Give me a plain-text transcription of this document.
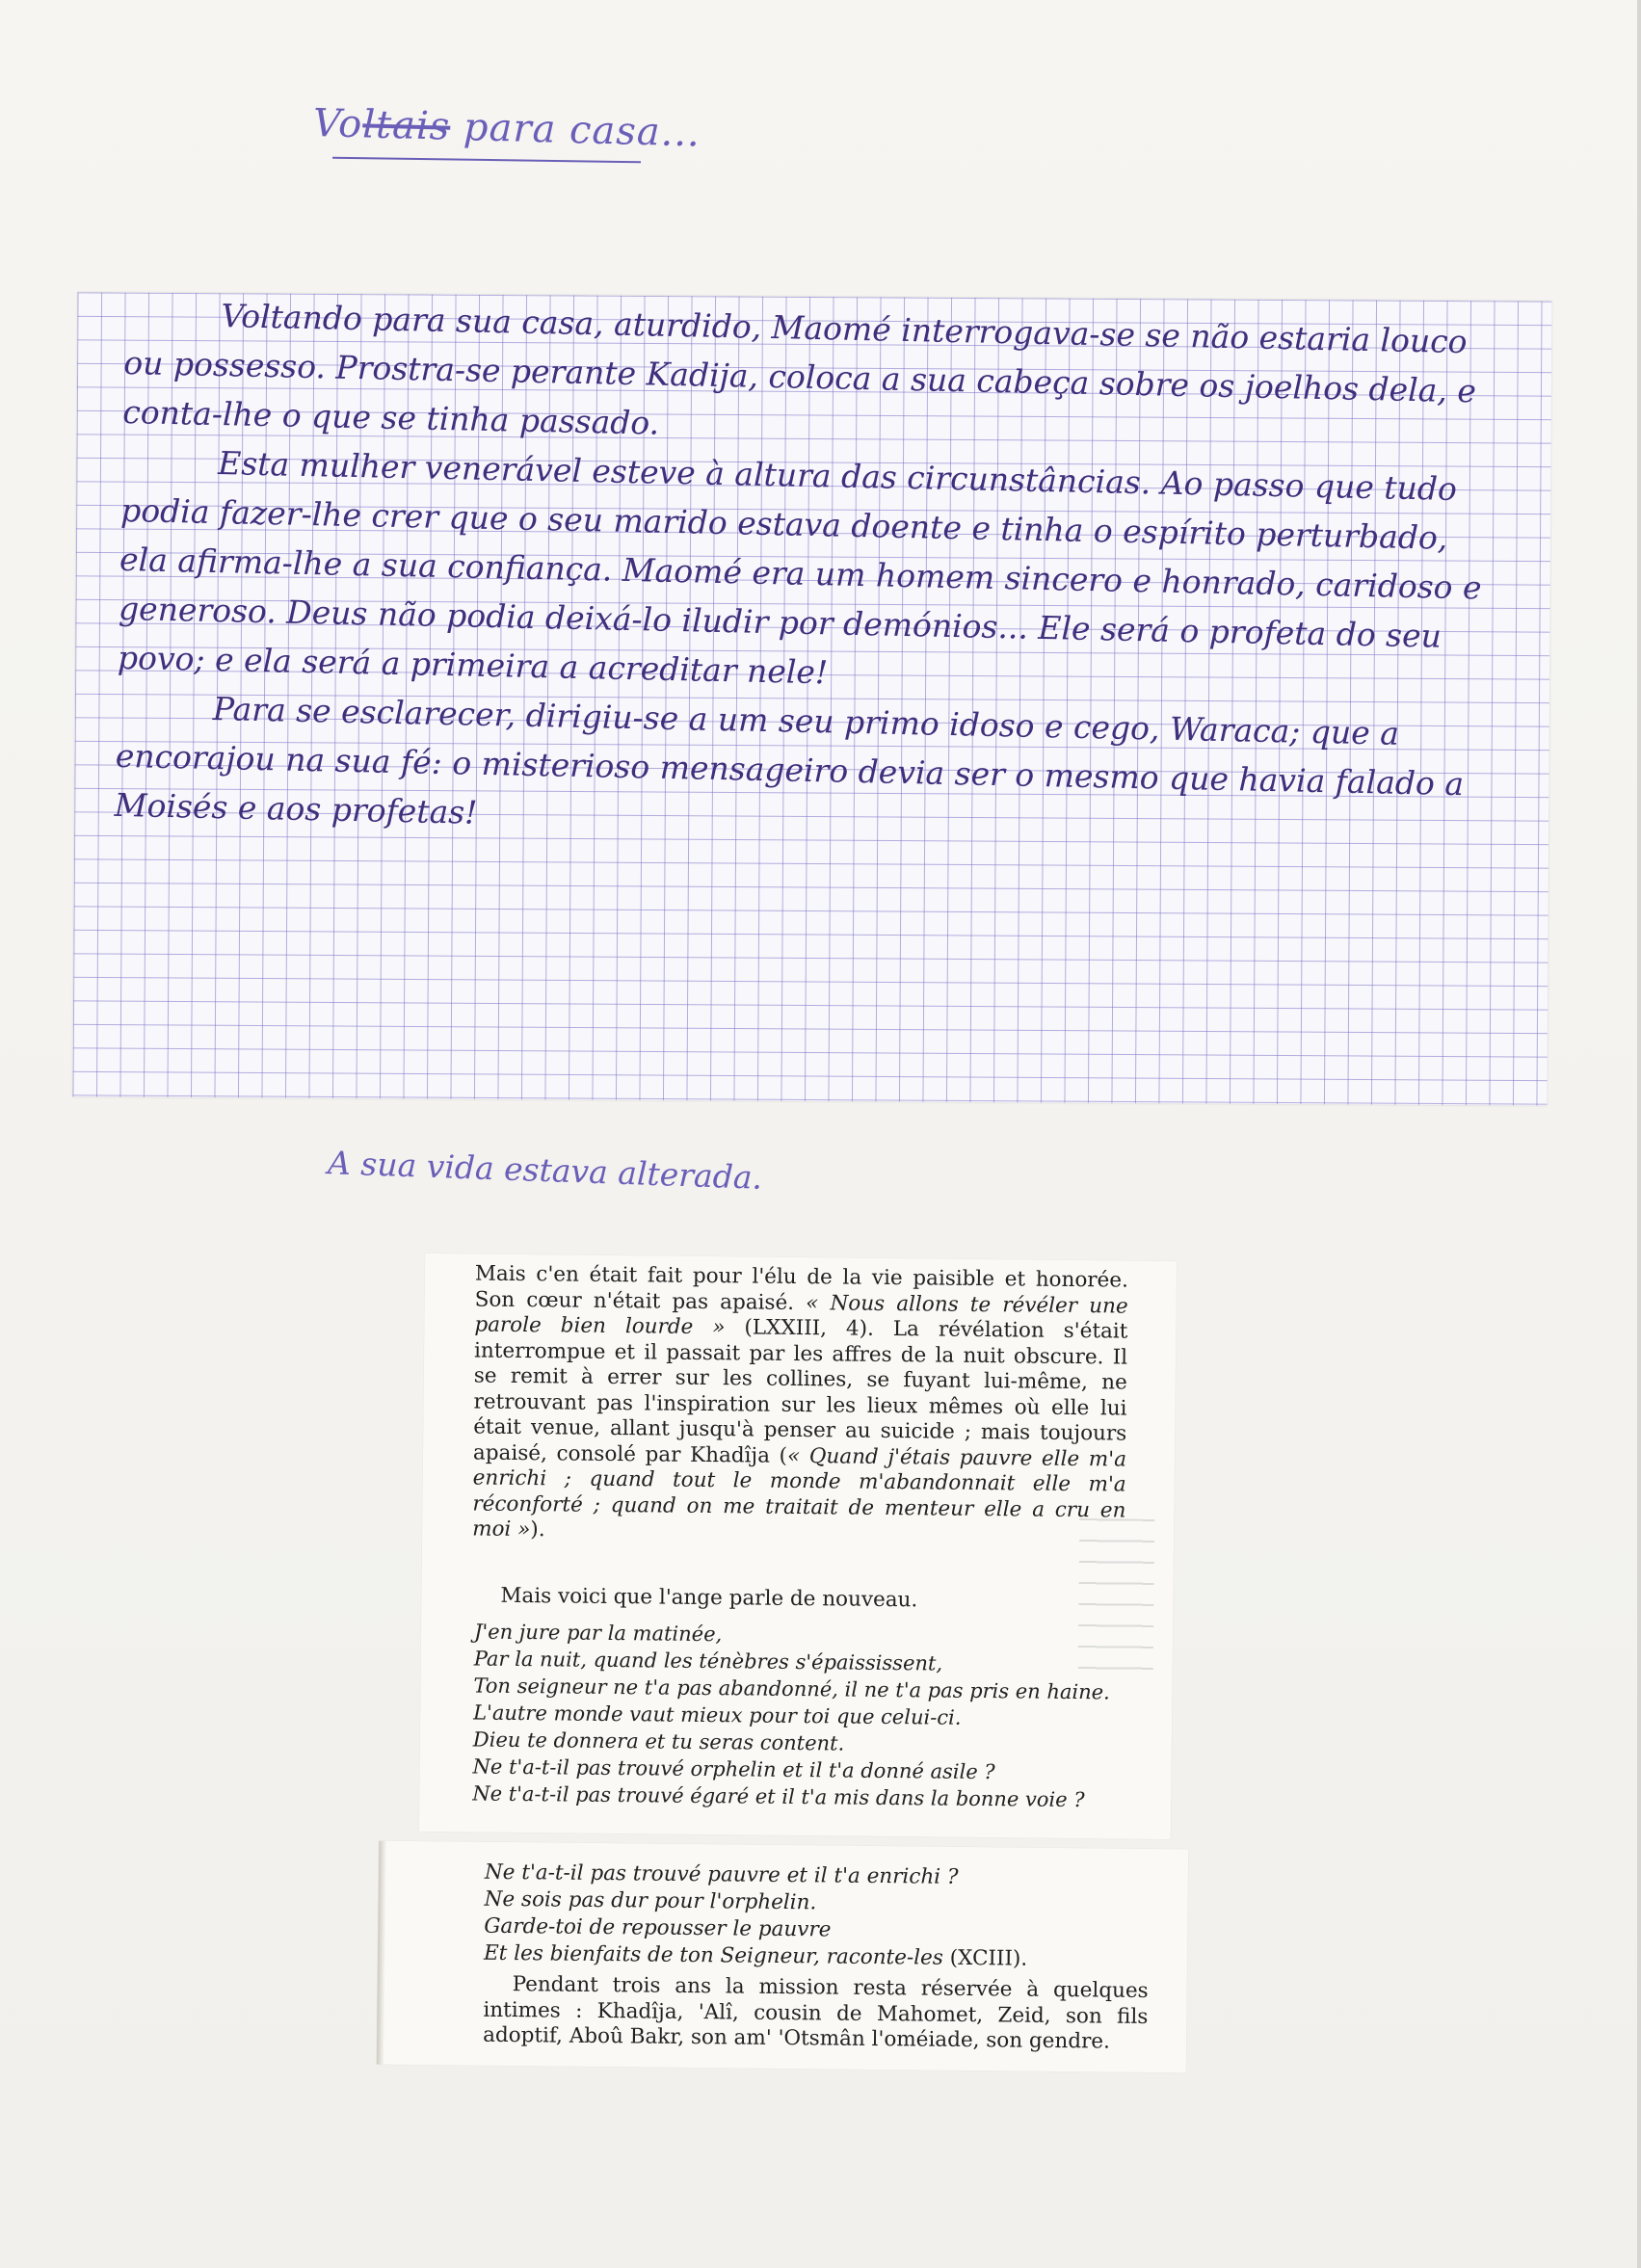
Voltais para casa...

Voltando para sua casa, aturdido, Maomé interrogava-se se não estaria louco ou possesso. Prostra-se perante Kadija, coloca a sua cabeça sobre os joelhos dela, e conta-lhe o que se tinha passado.

Esta mulher venerável esteve à altura das circunstâncias. Ao passo que tudo podia fazer-lhe crer que o seu marido estava doente e tinha o espírito perturbado, ela afirma-lhe a sua confiança. Maomé era um homem sincero e honrado, caridoso e generoso. Deus não podia deixá-lo iludir por demónios... Ele será o profeta do seu povo; e ela será a primeira a acreditar nele!

Para se esclarecer, dirigiu-se a um seu primo idoso e cego, Waraca; que a encorajou na sua fé: o misterioso mensageiro devia ser o mesmo que havia falado a Moisés e aos profetas!

A sua vida estava alterada.
Mais c'en était fait pour l'élu de la vie paisible et honorée. Son cœur n'était pas apaisé. « Nous allons te révéler une parole bien lourde » (LXXIII, 4). La révélation s'était interrompue et il passait par les affres de la nuit obscure. Il se remit à errer sur les collines, se fuyant lui-même, ne retrouvant pas l'inspiration sur les lieux mêmes où elle lui était venue, allant jusqu'à penser au suicide ; mais toujours apaisé, consolé par Khadîja (« Quand j'étais pauvre elle m'a enrichi ; quand tout le monde m'abandonnait elle m'a réconforté ; quand on me traitait de menteur elle a cru en moi »).
Mais voici que l'ange parle de nouveau.
J'en jure par la matinée,
Par la nuit, quand les ténèbres s'épaississent,
Ton seigneur ne t'a pas abandonné, il ne t'a pas pris en haine.
L'autre monde vaut mieux pour toi que celui-ci.
Dieu te donnera et tu seras content.
Ne t'a-t-il pas trouvé orphelin et il t'a donné asile ?
Ne t'a-t-il pas trouvé égaré et il t'a mis dans la bonne voie ?
Ne t'a-t-il pas trouvé pauvre et il t'a enrichi ?
Ne sois pas dur pour l'orphelin.
Garde-toi de repousser le pauvre
Et les bienfaits de ton Seigneur, raconte-les (XCIII).
Pendant trois ans la mission resta réservée à quelques intimes : Khadîja, 'Alî, cousin de Mahomet, Zeid, son fils adoptif, Aboû Bakr, son am' 'Otsmân l'oméiade, son gendre.
